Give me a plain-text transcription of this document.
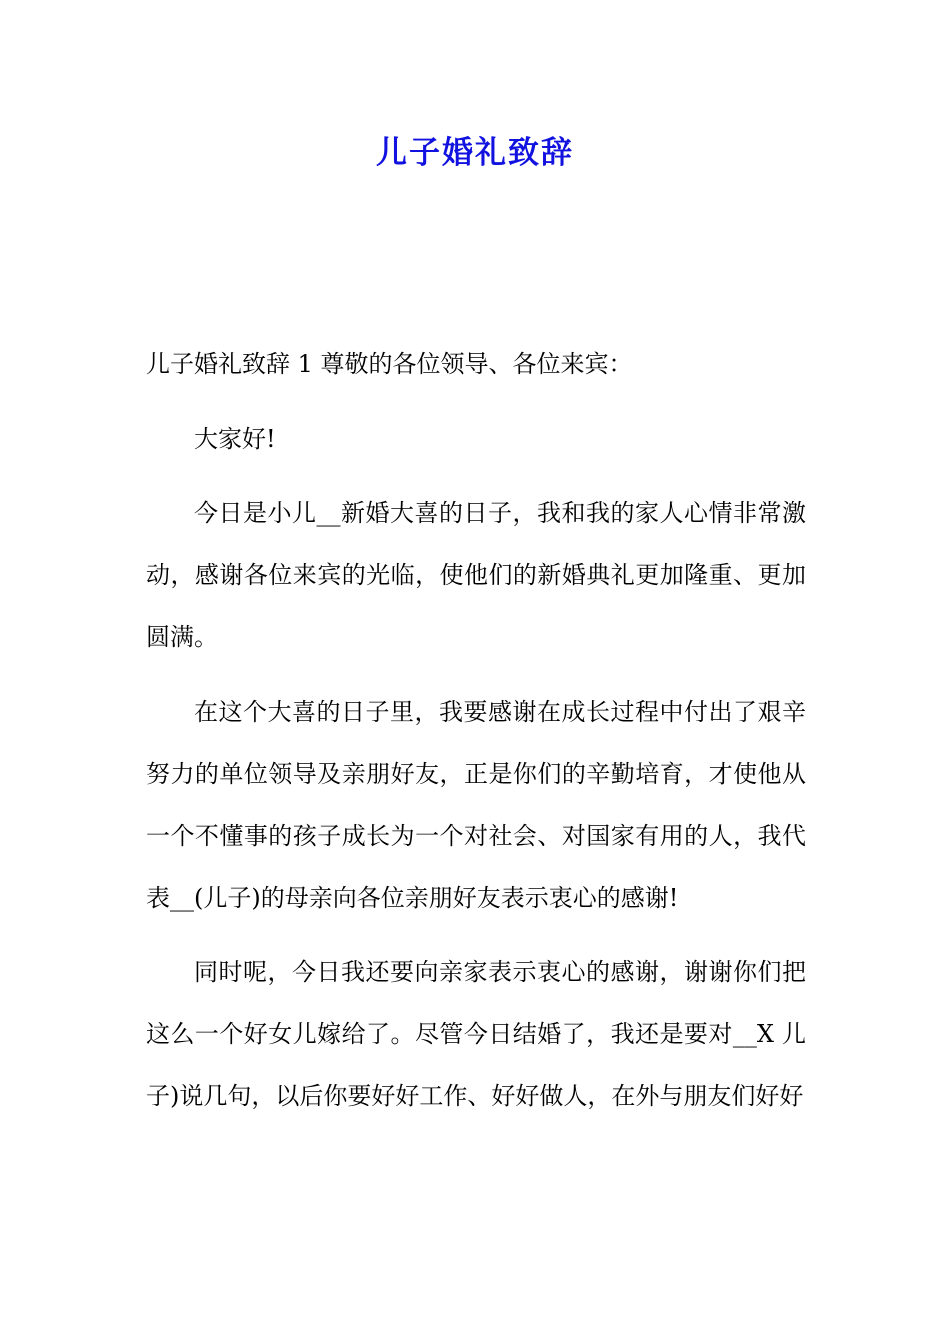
儿子婚礼致辞

儿子婚礼致辞 1 尊敬的各位领导、各位来宾：

大家好!

今日是小儿__新婚大喜的日子，我和我的家人心情非常激动，感谢各位来宾的光临，使他们的新婚典礼更加隆重、更加圆满。

在这个大喜的日子里，我要感谢在成长过程中付出了艰辛努力的单位领导及亲朋好友，正是你们的辛勤培育，才使他从一个不懂事的孩子成长为一个对社会、对国家有用的人，我代表__(儿子)的母亲向各位亲朋好友表示衷心的感谢!

同时呢，今日我还要向亲家表示衷心的感谢，谢谢你们把这么一个好女儿嫁给了。尽管今日结婚了，我还是要对__X 儿子)说几句，以后你要好好工作、好好做人，在外与朋友们好好
